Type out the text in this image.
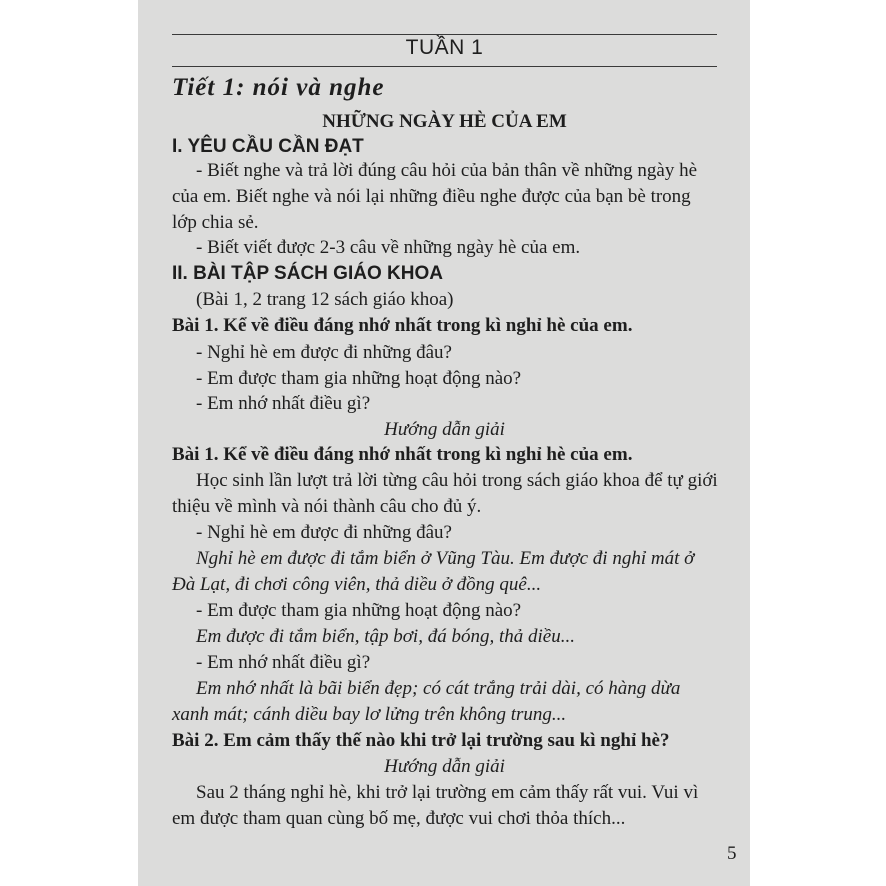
TUẦN 1
Tiết 1: nói và nghe
NHỮNG NGÀY HÈ CỦA EM
I. YÊU CẦU CẦN ĐẠT
- Biết nghe và trả lời đúng câu hỏi của bản thân về những ngày hè
của em. Biết nghe và nói lại những điều nghe được của bạn bè trong
lớp chia sẻ.
- Biết viết được 2-3 câu về những ngày hè của em.
II. BÀI TẬP SÁCH GIÁO KHOA
(Bài 1, 2 trang 12 sách giáo khoa)
Bài 1. Kể về điều đáng nhớ nhất trong kì nghỉ hè của em.
- Nghỉ hè em được đi những đâu?
- Em được tham gia những hoạt động nào?
- Em nhớ nhất điều gì?
Hướng dẫn giải
Bài 1. Kể về điều đáng nhớ nhất trong kì nghỉ hè của em.
Học sinh lần lượt trả lời từng câu hỏi trong sách giáo khoa để tự giới
thiệu về mình và nói thành câu cho đủ ý.
- Nghỉ hè em được đi những đâu?
Nghỉ hè em được đi tắm biển ở Vũng Tàu. Em được đi nghỉ mát ở
Đà Lạt, đi chơi công viên, thả diều ở đồng quê...
- Em được tham gia những hoạt động nào?
Em được đi tắm biển, tập bơi, đá bóng, thả diều...
- Em nhớ nhất điều gì?
Em nhớ nhất là bãi biển đẹp; có cát trắng trải dài, có hàng dừa
xanh mát; cánh diều bay lơ lửng trên không trung...
Bài 2. Em cảm thấy thế nào khi trở lại trường sau kì nghỉ hè?
Hướng dẫn giải
Sau 2 tháng nghỉ hè, khi trở lại trường em cảm thấy rất vui. Vui vì
em được tham quan cùng bố mẹ, được vui chơi thỏa thích...
5
